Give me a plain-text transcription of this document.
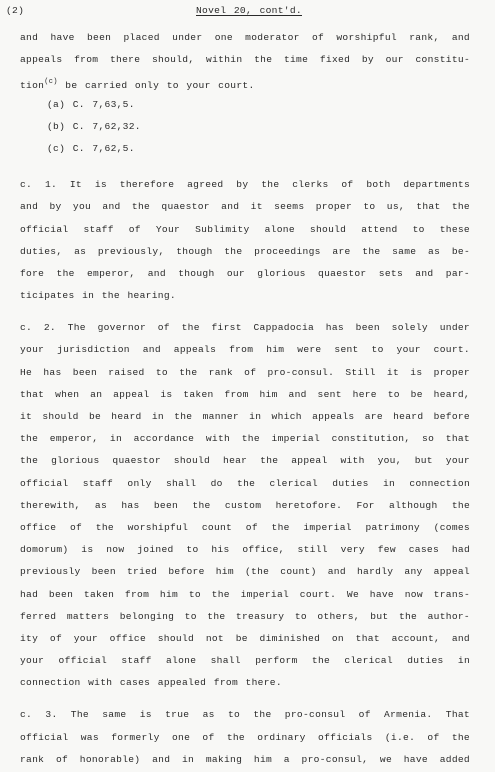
(2)	Novel 20, cont'd.
and have been placed under one moderator of worshipful rank, and
appeals from there should, within the time fixed by our constitu-
tion$^{(c)}$ be carried only to your court.
(a) C. 7,63,5.
(b) C. 7,62,32.
(c) C. 7,62,5.
c. 1. It is therefore agreed by the clerks of both departments
and by you and the quaestor and it seems proper to us, that the
official staff of Your Sublimity alone should attend to these
duties, as previously, though the proceedings are the same as be-
fore the emperor, and though our glorious quaestor sets and par-
ticipates in the hearing.
c. 2. The governor of the first Cappadocia has been solely under
your jurisdiction and appeals from him were sent to your court.
He has been raised to the rank of pro-consul. Still it is proper
that when an appeal is taken from him and sent here to be heard,
it should be heard in the manner in which appeals are heard before
the emperor, in accordance with the imperial constitution, so that
the glorious quaestor should hear the appeal with you, but your
official staff only shall do the clerical duties in connection
therewith, as has been the custom heretofore. For although the
office of the worshipful count of the imperial patrimony (comes
domorum) is now joined to his office, still very few cases had
previously been tried before him (the count) and hardly any appeal
had been taken from him to the imperial court. We have now trans-
ferred matters belonging to the treasury to others, but the author-
ity of your office should not be diminished on that account, and
your official staff alone shall perform the clerical duties in
connection with cases appealed from there.
c. 3. The same is true as to the pro-consul of Armenia. That
official was formerly one of the ordinary officials (i.e. of the
rank of honorable) and in making him a pro-consul, we have added
